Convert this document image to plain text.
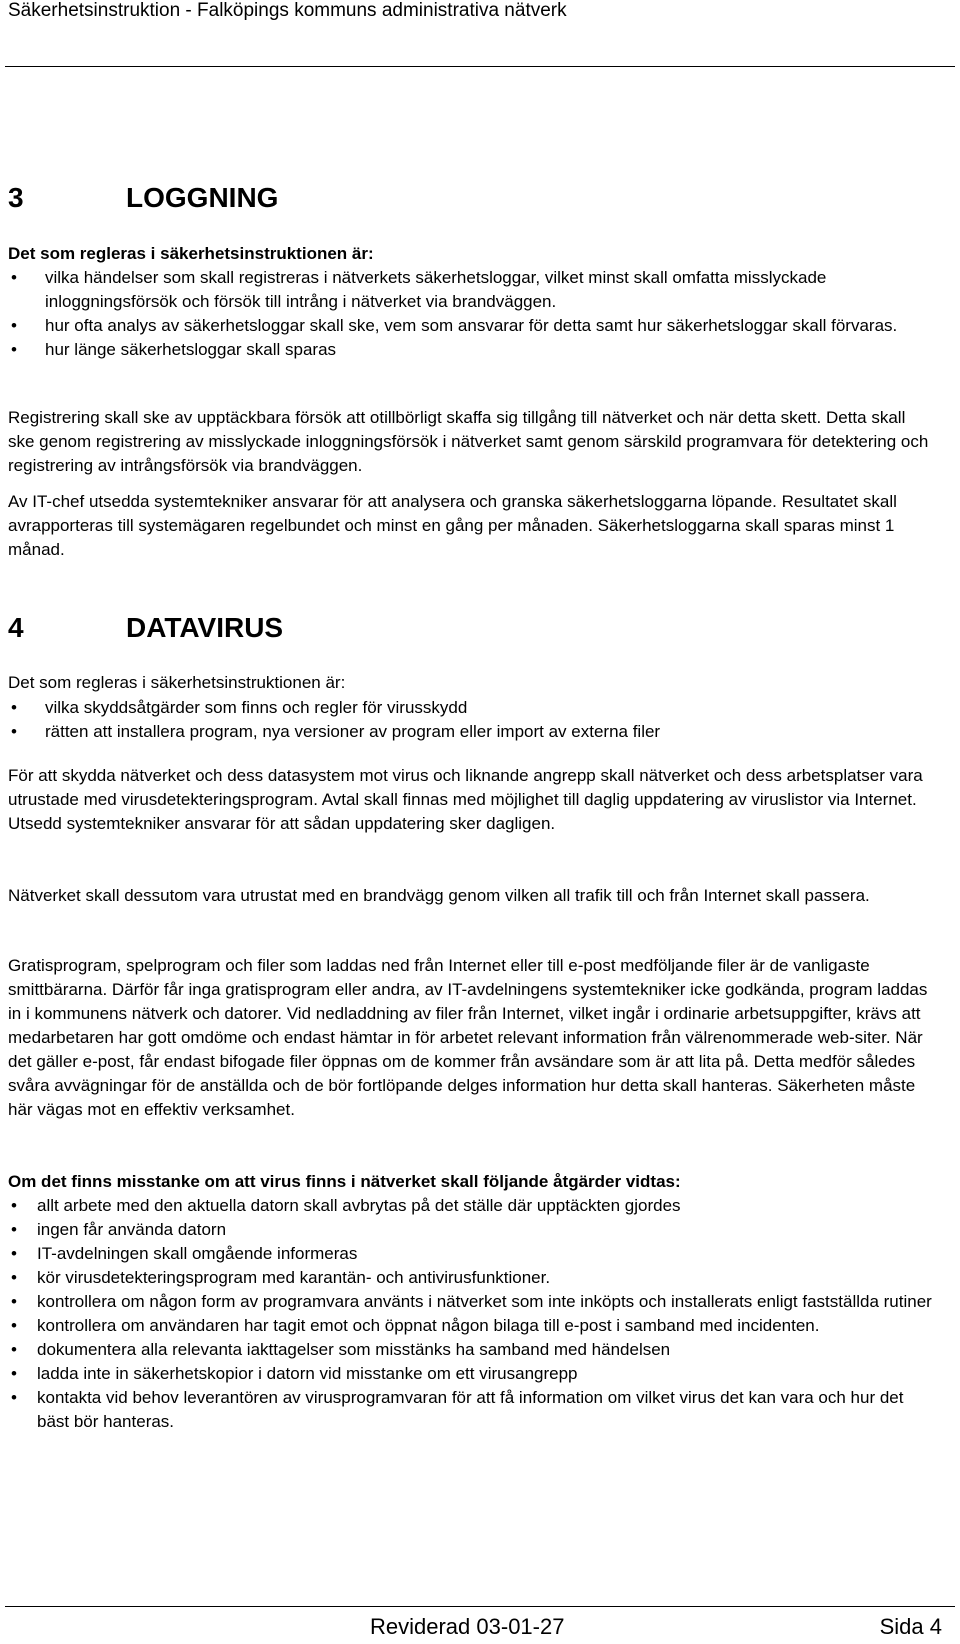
Säkerhetsinstruktion - Falköpings kommuns administrativa nätverk
3	LOGGNING
Det som regleras i säkerhetsinstruktionen är:
• vilka händelser som skall registreras i nätverkets säkerhetsloggar, vilket minst skall omfatta misslyckade inloggningsförsök och försök till intrång i nätverket via brandväggen.
• hur ofta analys av säkerhetsloggar skall ske, vem som ansvarar för detta samt hur säkerhetsloggar skall förvaras.
• hur länge säkerhetsloggar skall sparas

Registrering skall ske av upptäckbara försök att otillbörligt skaffa sig tillgång till nätverket och när detta skett. Detta skall ske genom registrering av misslyckade inloggningsförsök i nätverket samt genom särskild programvara för detektering och registrering av intrångsförsök via brandväggen.

Av IT-chef utsedda systemtekniker ansvarar för att analysera och granska säkerhetsloggarna löpande. Resultatet skall avrapporteras till systemägaren regelbundet och minst en gång per månaden. Säkerhetsloggarna skall sparas minst 1 månad.

4	DATAVIRUS
Det som regleras i säkerhetsinstruktionen är:
• vilka skyddsåtgärder som finns och regler för virusskydd
• rätten att installera program, nya versioner av program eller import av externa filer

För att skydda nätverket och dess datasystem mot virus och liknande angrepp skall nätverket och dess arbetsplatser vara utrustade med virusdetekteringsprogram. Avtal skall finnas med möjlighet till daglig uppdatering av viruslistor via Internet. Utsedd systemtekniker ansvarar för att sådan uppdatering sker dagligen.

Nätverket skall dessutom vara utrustat med en brandvägg genom vilken all trafik till och från Internet skall passera.

Gratisprogram, spelprogram och filer som laddas ned från Internet eller till e-post medföljande filer är de vanligaste smittbärarna. Därför får inga gratisprogram eller andra, av IT-avdelningens systemtekniker icke godkända, program laddas in i kommunens nätverk och datorer. Vid nedladdning av filer från Internet, vilket ingår i ordinarie arbetsuppgifter, krävs att medarbetaren har gott omdöme och endast hämtar in för arbetet relevant information från välrenommerade web-siter. När det gäller e-post, får endast bifogade filer öppnas om de kommer från avsändare som är att lita på. Detta medför således svåra avvägningar för de anställda och de bör fortlöpande delges information hur detta skall hanteras. Säkerheten måste här vägas mot en effektiv verksamhet.

Om det finns misstanke om att virus finns i nätverket skall följande åtgärder vidtas:
• allt arbete med den aktuella datorn skall avbrytas på det ställe där upptäckten gjordes
• ingen får använda datorn
• IT-avdelningen skall omgående informeras
• kör virusdetekteringsprogram med karantän- och antivirusfunktioner.
• kontrollera om någon form av programvara använts i nätverket som inte inköpts och installerats enligt fastställda rutiner
• kontrollera om användaren har tagit emot och öppnat någon bilaga till e-post i samband med incidenten.
• dokumentera alla relevanta iakttagelser som misstänks ha samband med händelsen
• ladda inte in säkerhetskopior i datorn vid misstanke om ett virusangrepp
• kontakta vid behov leverantören av virusprogramvaran för att få information om vilket virus det kan vara och hur det bäst bör hanteras.
Reviderad 03-01-27	Sida 4
